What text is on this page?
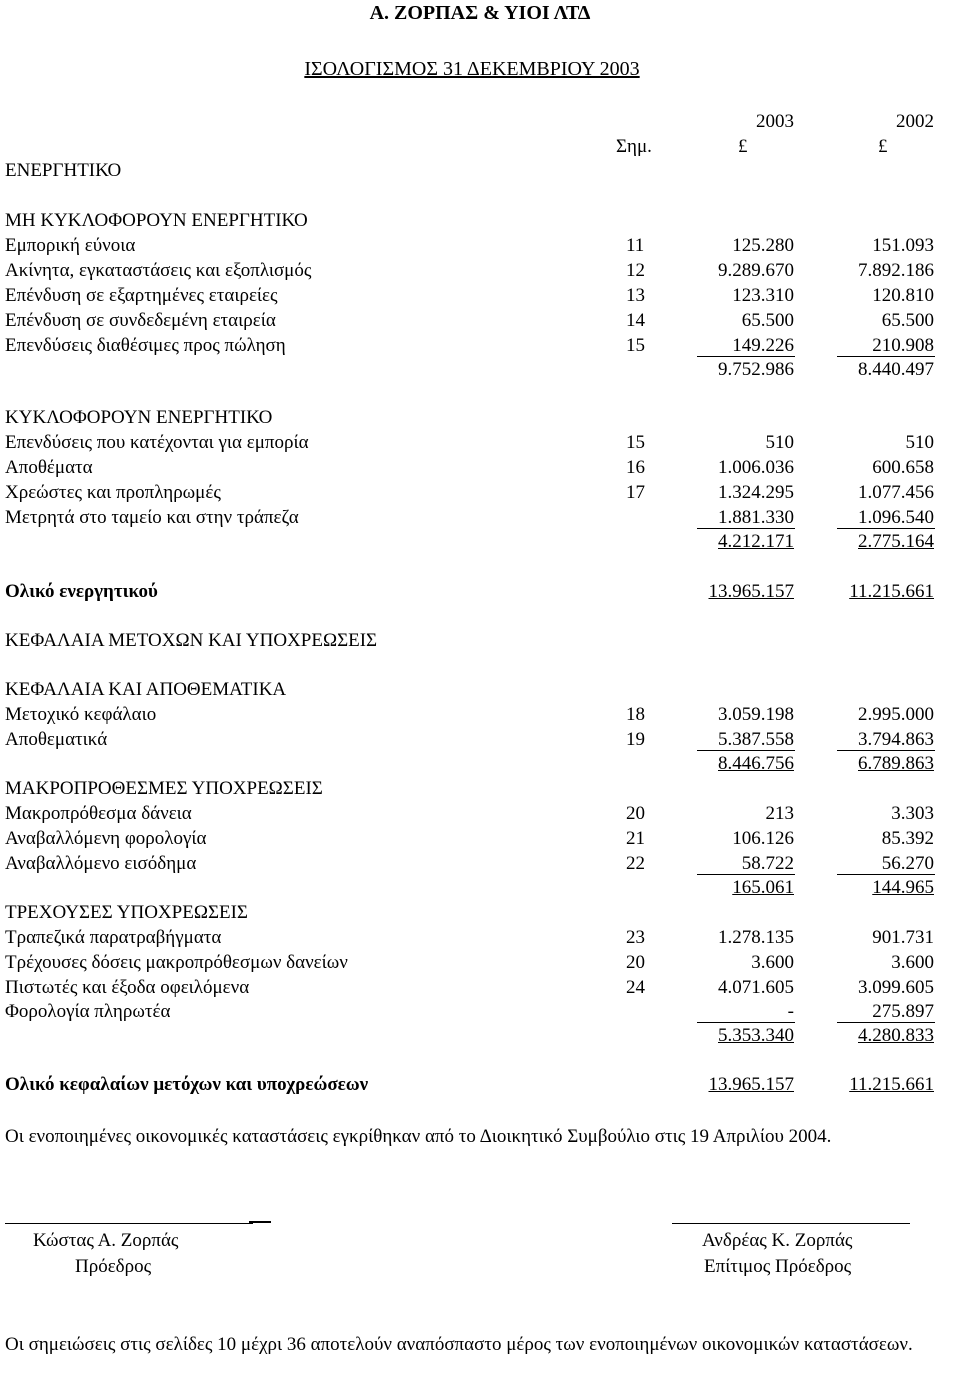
Α. ΖΟΡΠΑΣ & ΥΙΟΙ ΛΤΔ
ΙΣΟΛΟΓΙΣΜΟΣ 31 ΔΕΚΕΜΒΡΙΟΥ 2003
2003	2002
Σημ.	£	£
ΕΝΕΡΓΗΤΙΚΟ
ΜΗ ΚΥΚΛΟΦΟΡΟΥΝ ΕΝΕΡΓΗΤΙΚΟ
Εμπορική εύνοια	11	125.280	151.093
Ακίνητα, εγκαταστάσεις και εξοπλισμός	12	9.289.670	7.892.186
Επένδυση σε εξαρτημένες εταιρείες	13	123.310	120.810
Επένδυση σε συνδεδεμένη εταιρεία	14	65.500	65.500
Επενδύσεις διαθέσιμες προς πώληση	15	149.226	210.908
9.752.986	8.440.497
ΚΥΚΛΟΦΟΡΟΥΝ ΕΝΕΡΓΗΤΙΚΟ
Επενδύσεις που κατέχονται για εμπορία	15	510	510
Αποθέματα	16	1.006.036	600.658
Χρεώστες και προπληρωμές	17	1.324.295	1.077.456
Μετρητά στο ταμείο και στην τράπεζα	1.881.330	1.096.540
4.212.171	2.775.164
Ολικό ενεργητικού	13.965.157	11.215.661
ΚΕΦΑΛΑΙΑ ΜΕΤΟΧΩΝ ΚΑΙ ΥΠΟΧΡΕΩΣΕΙΣ
ΚΕΦΑΛΑΙΑ ΚΑΙ ΑΠΟΘΕΜΑΤΙΚΑ
Μετοχικό κεφάλαιο	18	3.059.198	2.995.000
Αποθεματικά	19	5.387.558	3.794.863
8.446.756	6.789.863
ΜΑΚΡΟΠΡΟΘΕΣΜΕΣ ΥΠΟΧΡΕΩΣΕΙΣ
Μακροπρόθεσμα δάνεια	20	213	3.303
Αναβαλλόμενη φορολογία	21	106.126	85.392
Αναβαλλόμενο εισόδημα	22	58.722	56.270
165.061	144.965
ΤΡΕΧΟΥΣΕΣ ΥΠΟΧΡΕΩΣΕΙΣ
Τραπεζικά παρατραβήγματα	23	1.278.135	901.731
Τρέχουσες δόσεις μακροπρόθεσμων δανείων	20	3.600	3.600
Πιστωτές και έξοδα οφειλόμενα	24	4.071.605	3.099.605
Φορολογία πληρωτέα	-	275.897
5.353.340	4.280.833
Ολικό κεφαλαίων μετόχων και υποχρεώσεων	13.965.157	11.215.661
Οι ενοποιημένες οικονομικές καταστάσεις εγκρίθηκαν από το Διοικητικό Συμβούλιο στις 19 Απριλίου 2004.
Κώστας Α. Ζορπάς
Πρόεδρος
Ανδρέας Κ. Ζορπάς
Επίτιμος Πρόεδρος
Οι σημειώσεις στις σελίδες 10 μέχρι 36 αποτελούν αναπόσπαστο μέρος των ενοποιημένων οικονομικών καταστάσεων.
